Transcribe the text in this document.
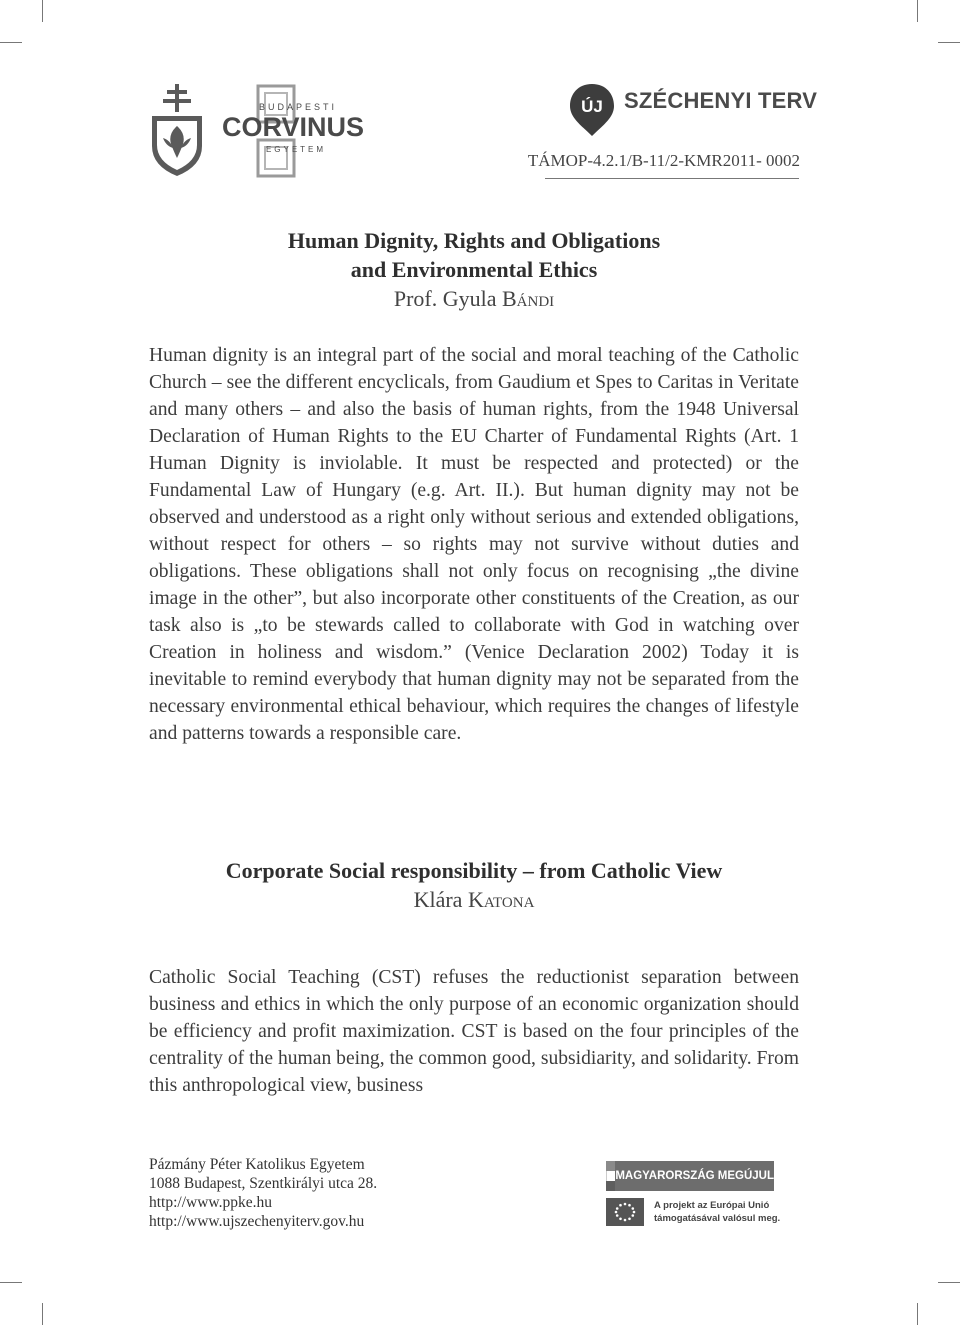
BUDAPESTI
CORVINUS
EGYETEM
ÚJ SZÉCHENYI TERV
TÁMOP-4.2.1/B-11/2-KMR2011- 0002

Human Dignity, Rights and Obligations

and Environmental Ethics

Prof. Gyula Bándi

Human dignity is an integral part of the social and moral teaching of the Catholic Church – see the different encyclicals, from Gaudium et Spes to Caritas in Veritate and many others – and also the basis of human rights, from the 1948 Universal Declaration of Human Rights to the EU Charter of Fundamental Rights (Art. 1 Human Dignity is inviolable. It must be respected and protected) or the Fundamental Law of Hungary (e.g. Art. II.). But human dignity may not be observed and understood as a right only without serious and extended obligations, without respect for others – so rights may not survive without duties and obligations. These obligations shall not only focus on recognising „the divine image in the other”, but also incorporate other constituents of the Creation, as our task also is „to be stewards called to collaborate with God in watching over Creation in holiness and wisdom.” (Venice Declaration 2002) Today it is inevitable to remind everybody that human dignity may not be separated from the necessary environmental ethical behaviour, which requires the changes of lifestyle and patterns towards a responsible care.

Corporate Social responsibility – from Catholic View

Klára Katona

Catholic Social Teaching (CST) refuses the reductionist separation between business and ethics in which the only purpose of an economic organization should be efficiency and profit maximization. CST is based on the four principles of the centrality of the human being, the common good, subsidiarity, and solidarity. From this anthropological view, business

Pázmány Péter Katolikus Egyetem
1088 Budapest, Szentkirályi utca 28.
http://www.ppke.hu
http://www.ujszechenyiterv.gov.hu
MAGYARORSZÁG MEGÚJUL
A projekt az Európai Unió
támogatásával valósul meg.
